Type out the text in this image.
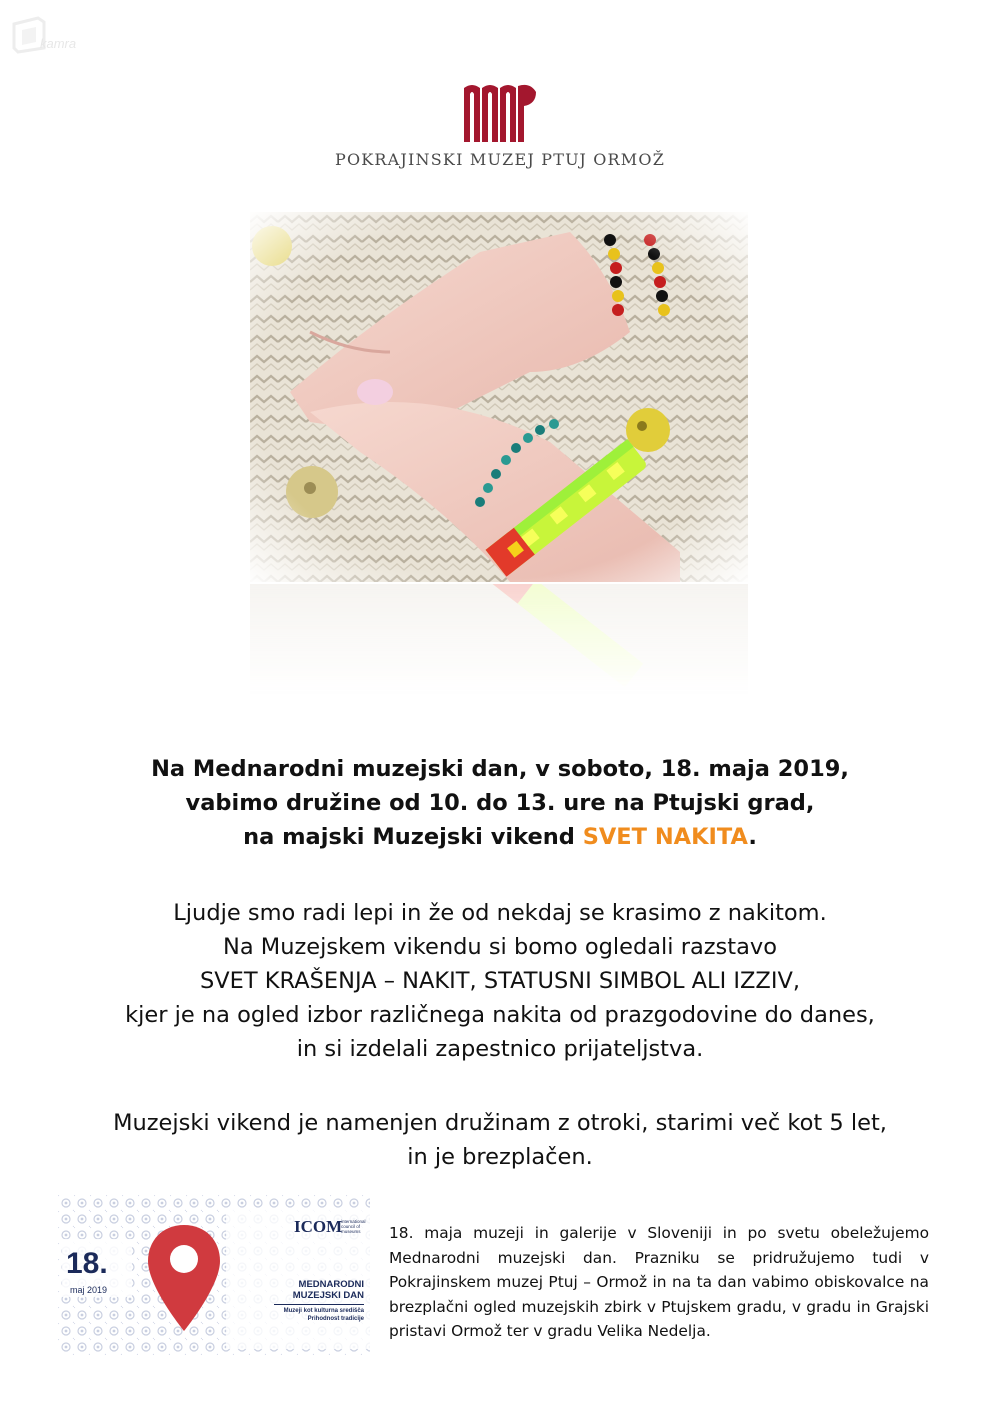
kamra
POKRAJINSKI MUZEJ PTUJ ORMOŽ

Na Mednarodni muzejski dan, v soboto, 18. maja 2019,

vabimo družine od 10. do 13. ure na Ptujski grad,

na majski Muzejski vikend SVET NAKITA.

Ljudje smo radi lepi in že od nekdaj se krasimo z nakitom.

Na Muzejskem vikendu si bomo ogledali razstavo

SVET KRAŠENJA – NAKIT, STATUSNI SIMBOL ALI IZZIV,

kjer je na ogled izbor različnega nakita od prazgodovine do danes,

in si izdelali zapestnico prijateljstva.

Muzejski vikend je namenjen družinam z otroki, starimi več kot 5 let,

in je brezplačen.

18.
maj 2019
ICOM
international council of museums
MEDNARODNI
MUZEJSKI DAN
Muzeji kot kulturna središča
Prihodnost tradicije

18. maja muzeji in galerije v Sloveniji in po svetu obeležujemo Mednarodni muzejski dan. Prazniku se pridružujemo tudi v Pokrajinskem muzej Ptuj – Ormož in na ta dan vabimo obiskovalce na brezplačni ogled muzejskih zbirk v Ptujskem gradu, v gradu in Grajski pristavi Ormož ter v gradu Velika Nedelja.
